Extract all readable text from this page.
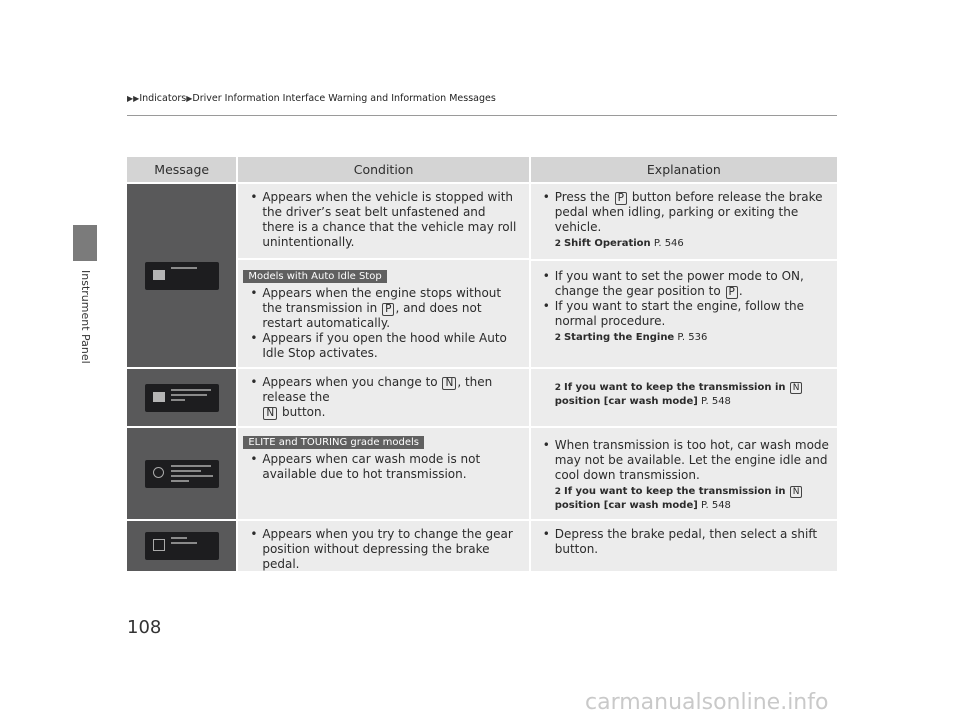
Instrument Panel
▶▶Indicators▶Driver Information Interface Warning and Information Messages
Message	Condition	Explanation
• Appears when the vehicle is stopped with the driver’s seat belt unfastened and there is a chance that the vehicle may roll unintentionally.
Models with Auto Idle Stop
• Appears when the engine stops without the transmission in P , and does not restart automatically.
• Appears if you open the hood while Auto Idle Stop activates.
• Press the P button before release the brake pedal when idling, parking or exiting the vehicle.
2 Shift Operation P. 546
• If you want to set the power mode to ON, change the gear position to P .
• If you want to start the engine, follow the normal procedure.
2 Starting the Engine P. 536
• Appears when you change to N , then release the
N button.
2 If you want to keep the transmission in N
position [car wash mode] P. 548
ELITE and TOURING grade models
• Appears when car wash mode is not available due to hot transmission.
• When transmission is too hot, car wash mode may not be available. Let the engine idle and cool down transmission.
2 If you want to keep the transmission in N
position [car wash mode] P. 548
• Appears when you try to change the gear position without depressing the brake pedal.
• Depress the brake pedal, then select a shift button.
108
carmanualsonline.info
